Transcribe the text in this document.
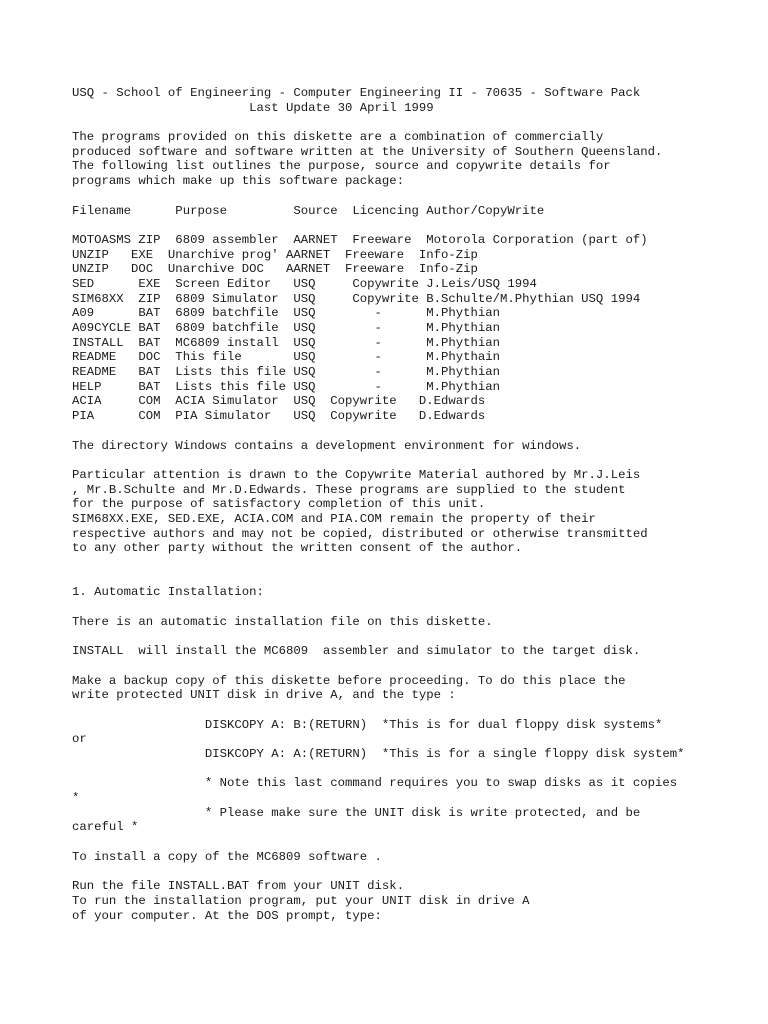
USQ - School of Engineering - Computer Engineering II - 70635 - Software Pack
Last Update 30 April 1999
The programs provided on this diskette are a combination of commercially
produced software and software written at the University of Southern Queensland.
The following list outlines the purpose, source and copywrite details for
programs which make up this software package:
Filename      Purpose         Source  Licencing Author/CopyWrite
MOTOASMS ZIP  6809 assembler  AARNET  Freeware  Motorola Corporation (part of)
UNZIP   EXE  Unarchive prog' AARNET  Freeware  Info-Zip
UNZIP   DOC  Unarchive DOC   AARNET  Freeware  Info-Zip
SED      EXE  Screen Editor   USQ     Copywrite J.Leis/USQ 1994
SIM68XX  ZIP  6809 Simulator  USQ     Copywrite B.Schulte/M.Phythian USQ 1994
A09      BAT  6809 batchfile  USQ        -      M.Phythian
A09CYCLE BAT  6809 batchfile  USQ        -      M.Phythian
INSTALL  BAT  MC6809 install  USQ        -      M.Phythian
README   DOC  This file       USQ        -      M.Phythain
README   BAT  Lists this file USQ        -      M.Phythian
HELP     BAT  Lists this file USQ        -      M.Phythian
ACIA     COM  ACIA Simulator  USQ  Copywrite   D.Edwards
PIA      COM  PIA Simulator   USQ  Copywrite   D.Edwards
The directory Windows contains a development environment for windows.
Particular attention is drawn to the Copywrite Material authored by Mr.J.Leis
, Mr.B.Schulte and Mr.D.Edwards. These programs are supplied to the student
for the purpose of satisfactory completion of this unit.
SIM68XX.EXE, SED.EXE, ACIA.COM and PIA.COM remain the property of their
respective authors and may not be copied, distributed or otherwise transmitted
to any other party without the written consent of the author.
1. Automatic Installation:
There is an automatic installation file on this diskette.
INSTALL  will install the MC6809  assembler and simulator to the target disk.
Make a backup copy of this diskette before proceeding. To do this place the
write protected UNIT disk in drive A, and the type :
DISKCOPY A: B:(RETURN)  *This is for dual floppy disk systems*
or
DISKCOPY A: A:(RETURN)  *This is for a single floppy disk system*
* Note this last command requires you to swap disks as it copies
*
* Please make sure the UNIT disk is write protected, and be
careful *
To install a copy of the MC6809 software .
Run the file INSTALL.BAT from your UNIT disk.
To run the installation program, put your UNIT disk in drive A
of your computer. At the DOS prompt, type:
